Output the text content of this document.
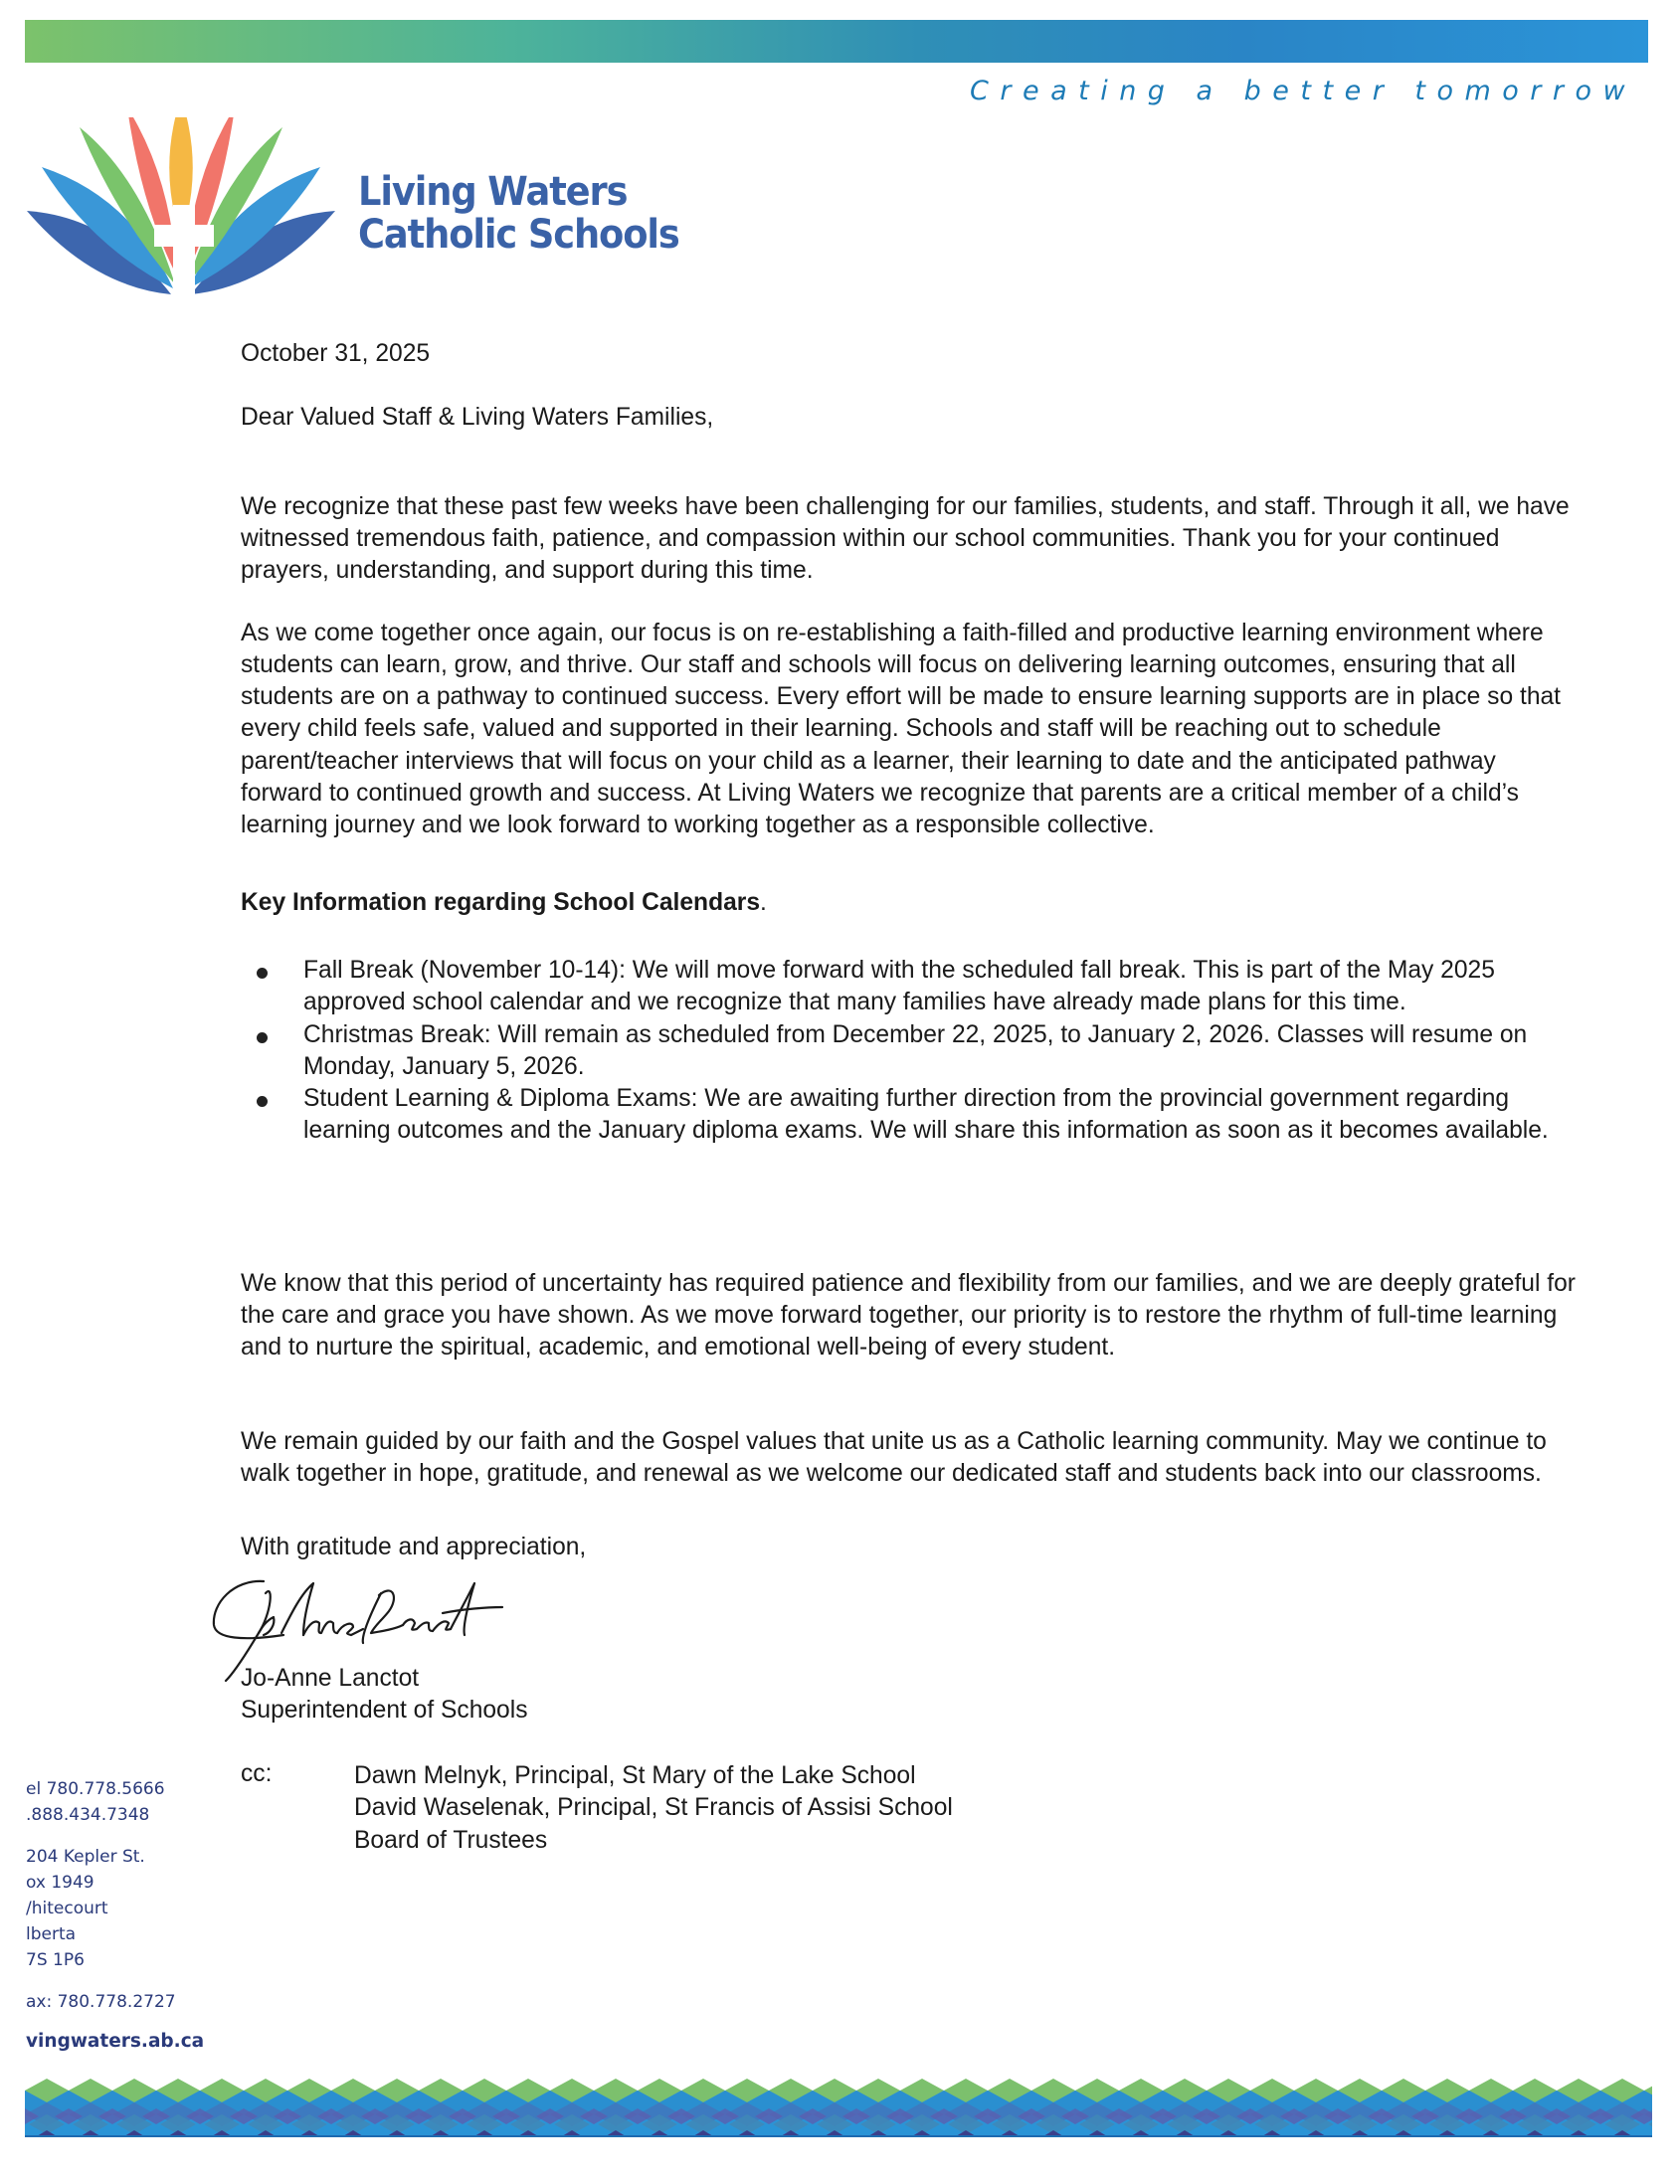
Creating a better tomorrow
Living Waters
Catholic Schools
October 31, 2025
Dear Valued Staff & Living Waters Families,

We recognize that these past few weeks have been challenging for our families, students, and staff. Through it all, we have witnessed tremendous faith, patience, and compassion within our school communities. Thank you for your continued prayers, understanding, and support during this time.

As we come together once again, our focus is on re-establishing a faith-filled and productive learning environment where students can learn, grow, and thrive. Our staff and schools will focus on delivering learning outcomes, ensuring that all students are on a pathway to continued success. Every effort will be made to ensure learning supports are in place so that every child feels safe, valued and supported in their learning. Schools and staff will be reaching out to schedule parent/teacher interviews that will focus on your child as a learner, their learning to date and the anticipated pathway forward to continued growth and success. At Living Waters we recognize that parents are a critical member of a child’s learning journey and we look forward to working together as a responsible collective.

Key Information regarding School Calendars.
Fall Break (November 10-14): We will move forward with the scheduled fall break. This is part of the May 2025 approved school calendar and we recognize that many families have already made plans for this time.
Christmas Break: Will remain as scheduled from December 22, 2025, to January 2, 2026. Classes will resume on Monday, January 5, 2026.
Student Learning & Diploma Exams: We are awaiting further direction from the provincial government regarding learning outcomes and the January diploma exams. We will share this information as soon as it becomes available.

We know that this period of uncertainty has required patience and flexibility from our families, and we are deeply grateful for the care and grace you have shown. As we move forward together, our priority is to restore the rhythm of full-time learning and to nurture the spiritual, academic, and emotional well-being of every student.

We remain guided by our faith and the Gospel values that unite us as a Catholic learning community. May we continue to walk together in hope, gratitude, and renewal as we welcome our dedicated staff and students back into our classrooms.

With gratitude and appreciation,
Jo-Anne Lanctot
Superintendent of Schools
cc:	Dawn Melnyk, Principal, St Mary of the Lake School
David Waselenak, Principal, St Francis of Assisi School
Board of Trustees
el 780.778.5666
.888.434.7348
204 Kepler St.
ox 1949
/hitecourt
lberta
7S 1P6
ax: 780.778.2727
vingwaters.ab.ca
